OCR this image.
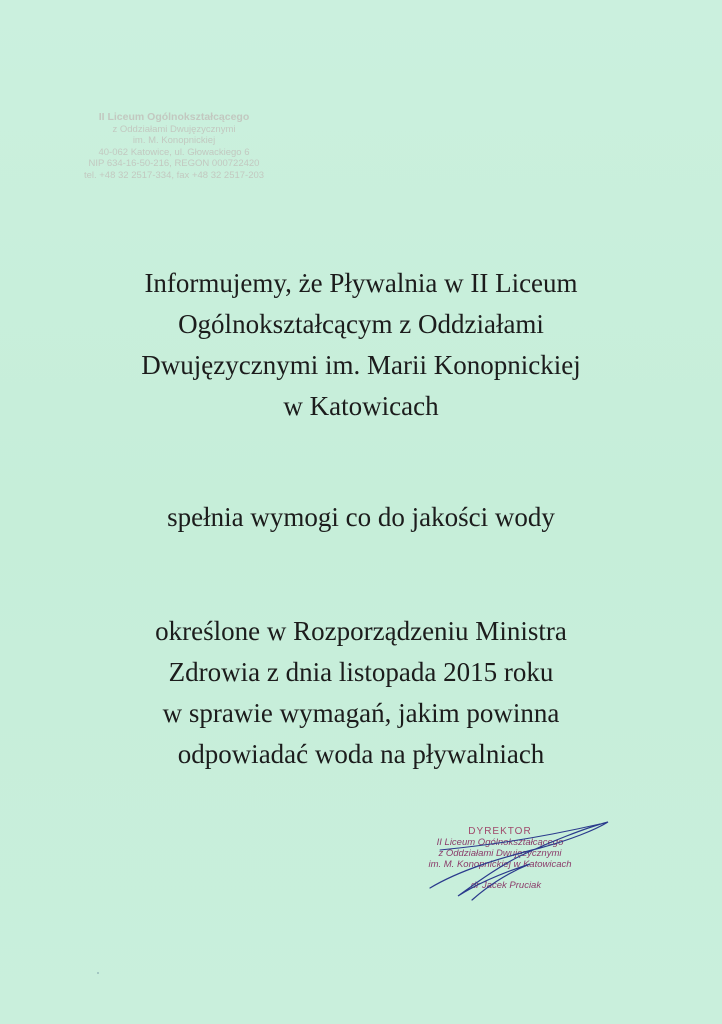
II Liceum Ogólnokształcącego
z Oddziałami Dwujęzycznymi
im. M. Konopnickiej
40-062 Katowice, ul. Głowackiego 6
NIP 634-16-50-216, REGON 000722420
tel. +48 32 2517-334, fax +48 32 2517-203
Informujemy, że Pływalnia w II Liceum
Ogólnokształcącym z Oddziałami
Dwujęzycznymi im. Marii Konopnickiej
w Katowicach
spełnia wymogi co do jakości wody
określone w Rozporządzeniu Ministra
Zdrowia z dnia listopada 2015 roku
w sprawie wymagań, jakim powinna
odpowiadać woda na pływalniach
DYREKTOR
II Liceum Ogólnokształcącego
z Oddziałami Dwujęzycznymi
im. M. Konopnickiej w Katowicach
dr Jacek Pruciak
